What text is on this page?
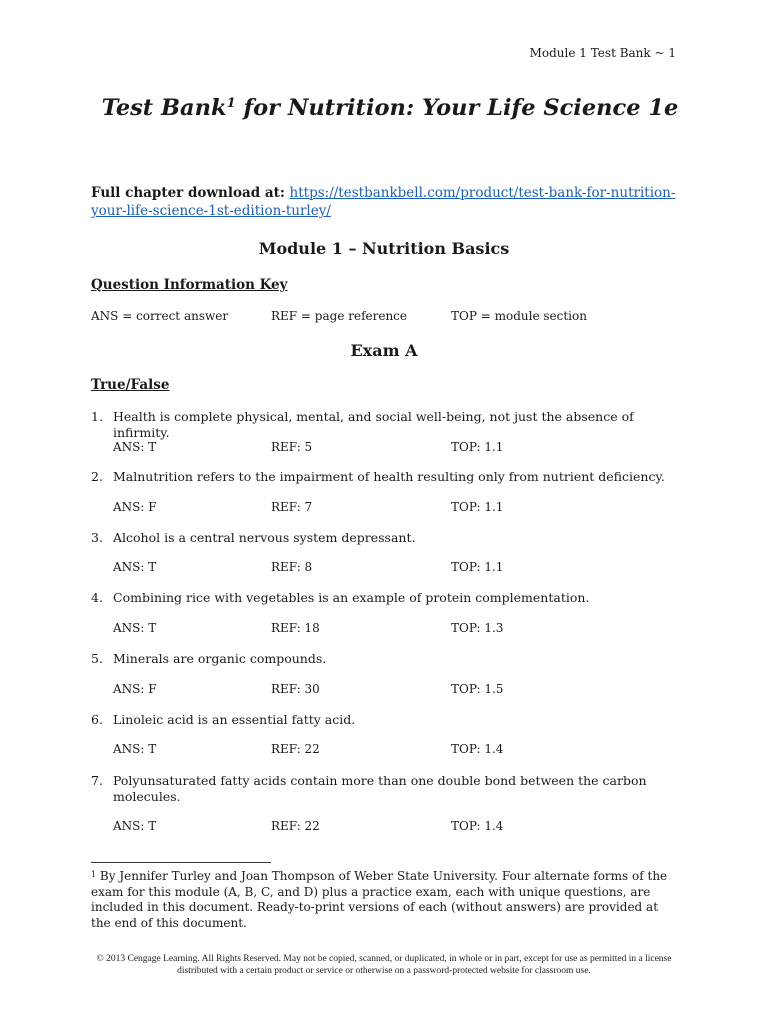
Module 1 Test Bank ~ 1
Test Bank$^1$ for Nutrition: Your Life Science 1e
Full chapter download at: https://testbankbell.com/product/test-bank-for-nutrition-your-life-science-1st-edition-turley/
Module 1 – Nutrition Basics
Question Information Key
ANS = correct answer	REF = page reference	TOP = module section
Exam A
True/False
1. Health is complete physical, mental, and social well-being, not just the absence of infirmity.
ANS: T	REF: 5	TOP: 1.1
2. Malnutrition refers to the impairment of health resulting only from nutrient deficiency.
ANS: F	REF: 7	TOP: 1.1
3. Alcohol is a central nervous system depressant.
ANS: T	REF: 8	TOP: 1.1
4. Combining rice with vegetables is an example of protein complementation.
ANS: T	REF: 18	TOP: 1.3
5. Minerals are organic compounds.
ANS: F	REF: 30	TOP: 1.5
6. Linoleic acid is an essential fatty acid.
ANS: T	REF: 22	TOP: 1.4
7. Polyunsaturated fatty acids contain more than one double bond between the carbon molecules.
ANS: T	REF: 22	TOP: 1.4
$^1$ By Jennifer Turley and Joan Thompson of Weber State University. Four alternate forms of the exam for this module (A, B, C, and D) plus a practice exam, each with unique questions, are included in this document. Ready-to-print versions of each (without answers) are provided at the end of this document.
© 2013 Cengage Learning. All Rights Reserved. May not be copied, scanned, or duplicated, in whole or in part, except for use as permitted in a license distributed with a certain product or service or otherwise on a password-protected website for classroom use.
